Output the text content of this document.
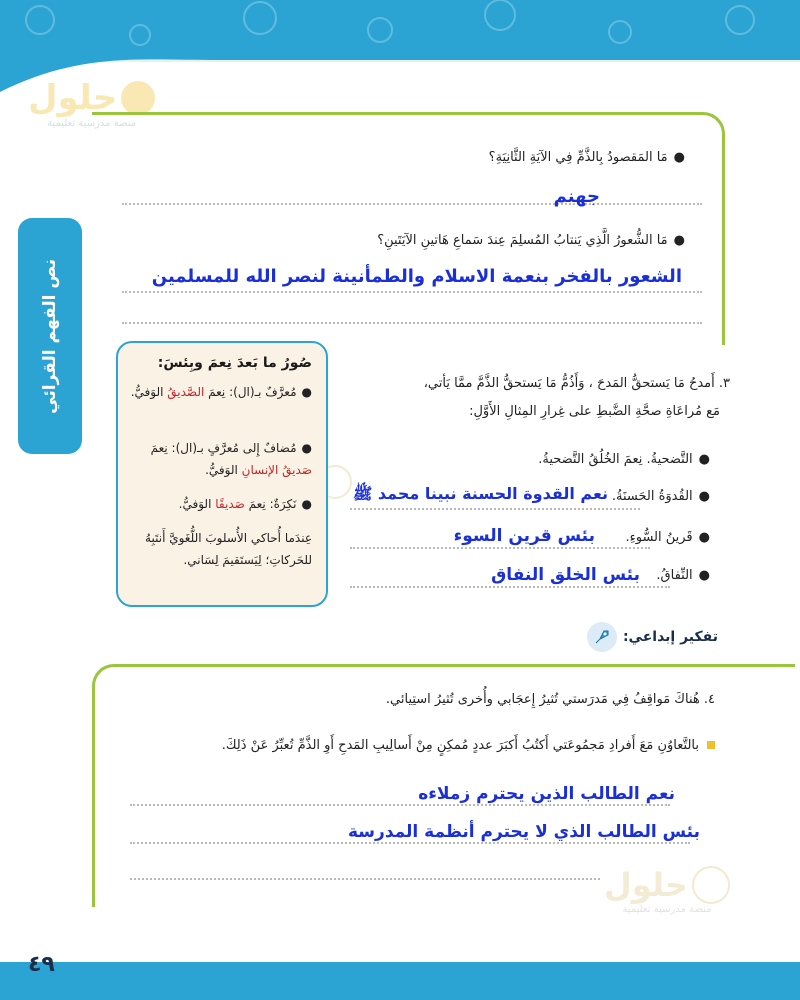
حلول
منصة مدرسية تعليمية
نص الفهم القرائي
●مَا المَقصودُ بِالذَّمِّ فِي الآيَةِ الثَّانِيَةِ؟
جهنم
●مَا الشُّعورُ الَّذِي يَنتابُ المُسلِمَ عِندَ سَماعِ هَاتينِ الآيَتَينِ؟
الشعور بالفخر بنعمة الاسلام والطمأنينة لنصر الله للمسلمين
٣. أَمدحُ مَا يَستحقُّ المَدحَ ، وَأَذُمُّ مَا يَستحقُّ الذَّمَّ ممَّا يَأتي،
مَع مُراعَاةِ صحَّةِ الضَّبطِ على غِرارِ المِثالِ الأَوَّلِ:
●التَّضحيةُ. نِعمَ الخُلُقُ التَّضحيةُ.
●القُدوَةُ الحَسنَةُ.
نعم القدوة الحسنة نبينا محمد ﷺ
●قَرينُ السُّوءِ.
بئس قرين السوء
●النِّفاقُ.
بئس الخلق النفاق
صُورُ ما بَعدَ نِعمَ وبِئسَ:
●مُعرَّفٌ بـ(ال): نِعمَ الصَّديقُ الوَفيُّ.
●مُضافٌ إِلى مُعرَّفٍ بـ(ال): نِعمَ صَديقُ الإنسانِ الوَفيُّ.
●نَكِرَةٌ: نِعمَ صَديقًا الوَفيُّ.
عِندَما أُحاكي الأُسلوبَ اللُّغَويَّ أَنتَبِهُ للحَركاتِ؛ لِيَستَقيمَ لِسَاني.
تفكير إبداعي:
٤. هُناكَ مَواقِفُ فِي مَدرَستي تُثيرُ إِعجَابي وأُخرى تُثيرُ استِيائي.
بالتَّعاوُنِ مَعَ أَفرادِ مَجمُوعَتي أَكتُبُ أَكبَرَ عددٍ مُمكِنٍ مِنْ أَسالِيبِ المَدحِ أَوِ الذَّمِّ تُعبِّرُ عَنْ ذَلِكَ.
نعم الطالب الذين يحترم زملاءه
بئس الطالب الذي لا يحترم أنظمة المدرسة
حلول
منصة مدرسية تعليمية
٤٩
